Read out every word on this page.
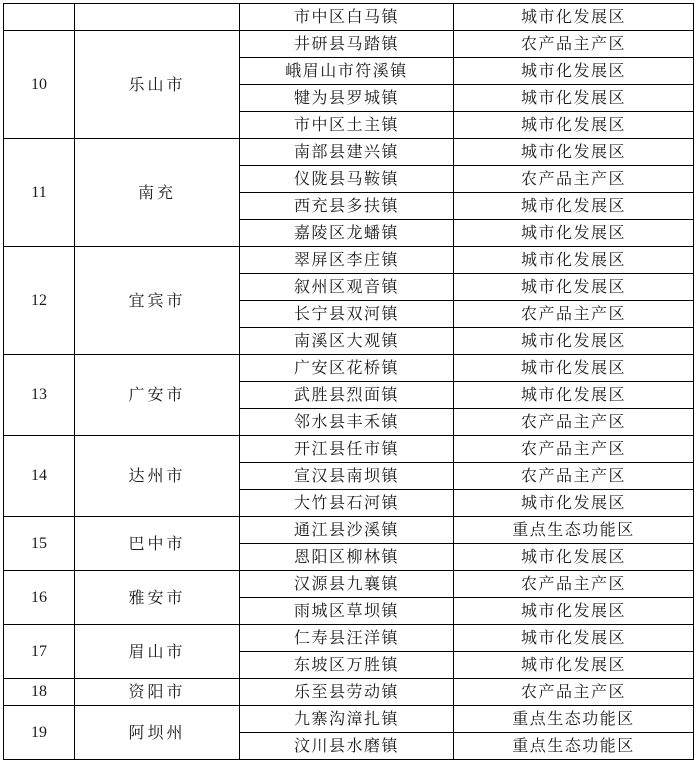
		市中区白马镇	城市化发展区
10	乐山市	井研县马踏镇	农产品主产区
		峨眉山市符溪镇	城市化发展区
		犍为县罗城镇	城市化发展区
		市中区土主镇	城市化发展区
11	南充	南部县建兴镇	城市化发展区
		仪陇县马鞍镇	农产品主产区
		西充县多扶镇	城市化发展区
		嘉陵区龙蟠镇	城市化发展区
12	宜宾市	翠屏区李庄镇	城市化发展区
		叙州区观音镇	城市化发展区
		长宁县双河镇	农产品主产区
		南溪区大观镇	城市化发展区
13	广安市	广安区花桥镇	城市化发展区
		武胜县烈面镇	城市化发展区
		邻水县丰禾镇	农产品主产区
14	达州市	开江县任市镇	农产品主产区
		宣汉县南坝镇	农产品主产区
		大竹县石河镇	城市化发展区
15	巴中市	通江县沙溪镇	重点生态功能区
		恩阳区柳林镇	城市化发展区
16	雅安市	汉源县九襄镇	农产品主产区
		雨城区草坝镇	城市化发展区
17	眉山市	仁寿县汪洋镇	城市化发展区
		东坡区万胜镇	城市化发展区
18	资阳市	乐至县劳动镇	农产品主产区
19	阿坝州	九寨沟漳扎镇	重点生态功能区
		汶川县水磨镇	重点生态功能区
